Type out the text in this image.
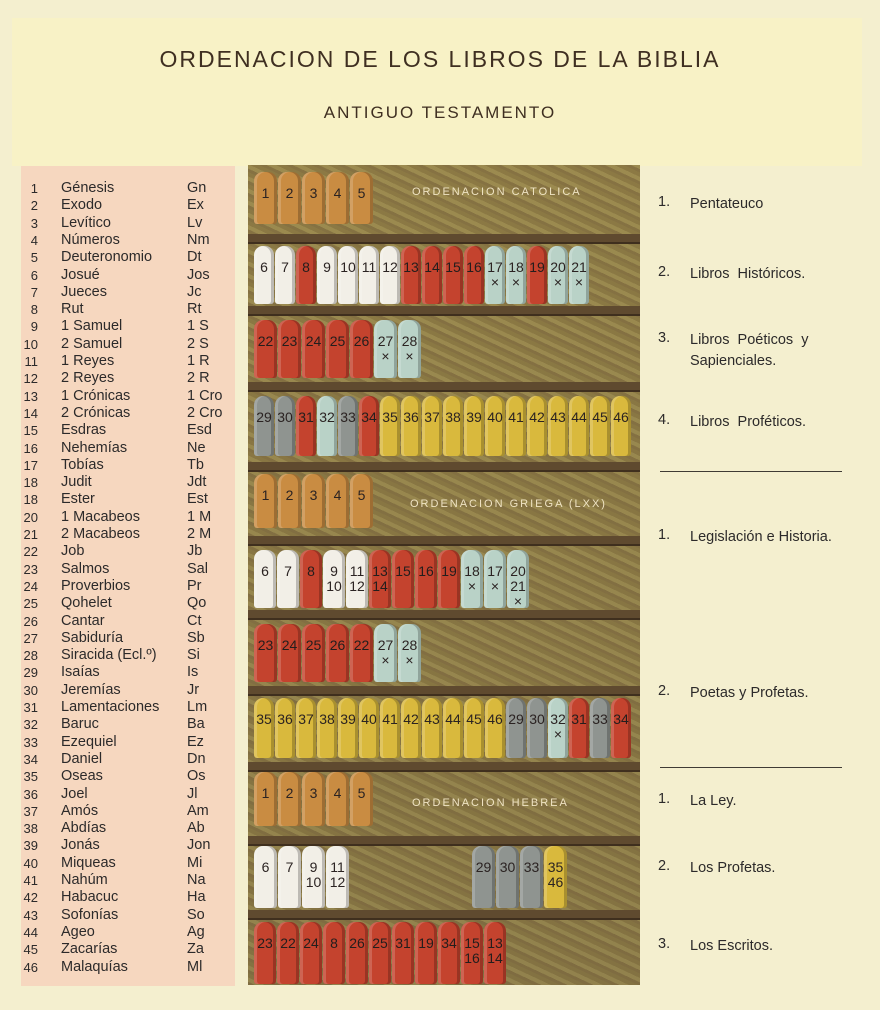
ORDENACION DE LOS LIBROS DE LA BIBLIA
ANTIGUO TESTAMENTO
1 Génesis	Gn
2 Exodo	Ex
3 Levítico	Lv
4 Números	Nm
5 Deuteronomio Dt
6 Josué	Jos
7 Jueces	Jc
8 Rut	Rt
9 1 Samuel	1 S
10 2 Samuel	2 S
11 1 Reyes	1 R
12 2 Reyes	2 R
13 1 Crónicas	1 Cro
14 2 Crónicas	2 Cro
15 Esdras	Esd
16 Nehemías	Ne
17 Tobías	Tb
18 Judit	Jdt
18 Ester	Est
20 1 Macabeos	1 M
21 2 Macabeos	2 M
22 Job	Jb
23 Salmos	Sal
24 Proverbios	Pr
25 Qohelet	Qo
26 Cantar	Ct
27 Sabiduría	Sb
28 Siracida (Ecl.º) Si
29 Isaías	Is
30 Jeremías	Jr
31 Lamentaciones Lm
32 Baruc	Ba
33 Ezequiel	Ez
34 Daniel	Dn
35 Oseas	Os
36 Joel	Jl
37 Amós	Am
38 Abdías	Ab
39 Jonás	Jon
40 Miqueas	Mi
41 Nahúm	Na
42 Habacuc	Ha
43 Sofonías	So
44 Ageo	Ag
45 Zacarías	Za
46 Malaquías	Ml
1	2	3	4	5
6 7 8 9 10 11 12 13 14 15 16 17
×
18
×
19 20
×
21
×
22 23 24 25 26 27
×
28
×
29 30 31 32 33 34 35 36 37 38 39 40 41 42 43 44 45 46
1	2	3	4	5
6	7	8	9
10
11
12
13
14
15 16 19 18
×
17
×
20
21
×
23 24 25 26 22 27
×
28
×
35 36 37 38 39 40 41 42 43 44 45 46 29 30 32
×
31 33 34
1	2	3	4	5
6	7	9
10
11
12
29 30 33 35
46
23 22 24 8 26 25 31 19 34 15
16
13
14
ORDENACION CATOLICA
ORDENACION GRIEGA (LXX)
ORDENACION HEBREA
1. Pentateuco
2. Libros  Históricos.
3. Libros  Poéticos  y
Sapienciales.
4. Libros  Proféticos.
1. Legislación e Historia.
2. Poetas y Profetas.
1. La Ley.
2. Los Profetas.
3. Los Escritos.
